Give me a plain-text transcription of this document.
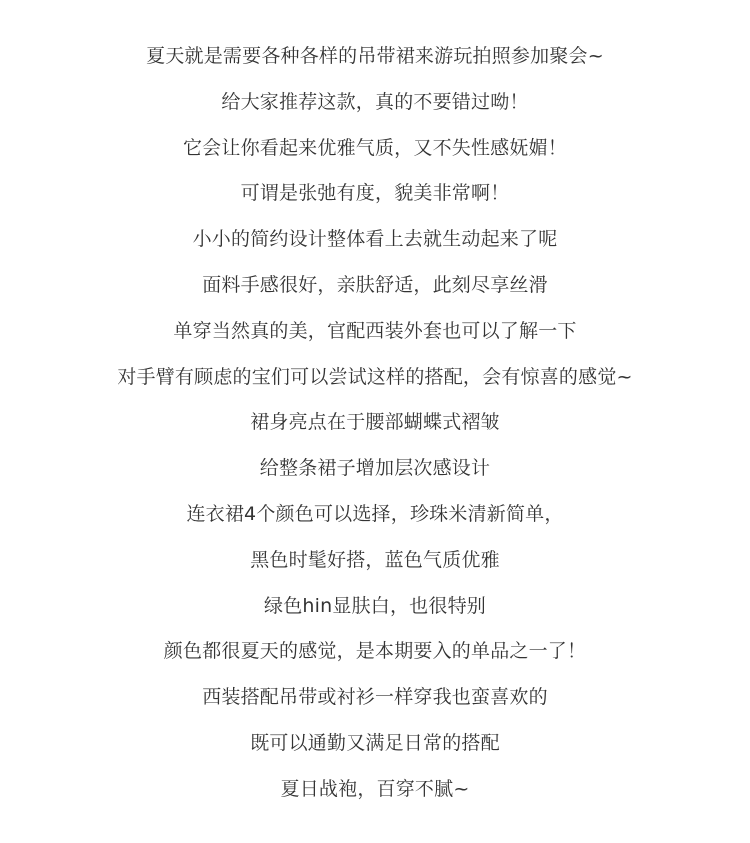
夏天就是需要各种各样的吊带裙来游玩拍照参加聚会~
给大家推荐这款，真的不要错过呦！
它会让你看起来优雅气质，又不失性感妩媚！
可谓是张弛有度，貌美非常啊！
小小的简约设计整体看上去就生动起来了呢
面料手感很好，亲肤舒适，此刻尽享丝滑
单穿当然真的美，官配西装外套也可以了解一下
对手臂有顾虑的宝们可以尝试这样的搭配，会有惊喜的感觉~
裙身亮点在于腰部蝴蝶式褶皱
给整条裙子增加层次感设计
连衣裙4个颜色可以选择，珍珠米清新简单，
黑色时髦好搭，蓝色气质优雅
绿色hin显肤白，也很特别
颜色都很夏天的感觉，是本期要入的单品之一了！
西装搭配吊带或衬衫一样穿我也蛮喜欢的
既可以通勤又满足日常的搭配
夏日战袍，百穿不腻~
